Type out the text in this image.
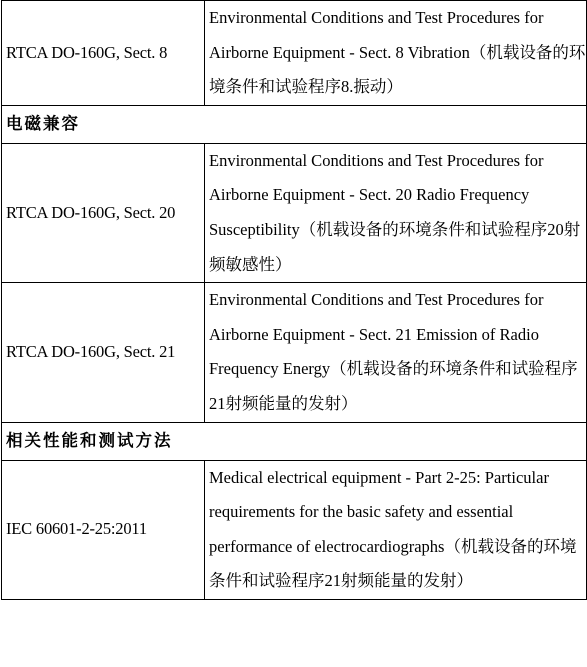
RTCA DO-160G, Sect. 8	Environmental Conditions and Test Procedures for Airborne Equipment - Sect. 8 Vibration（机载设备的环境条件和试验程序8.振动）
电磁兼容	
RTCA DO-160G, Sect. 20	Environmental Conditions and Test Procedures for Airborne Equipment - Sect. 20 Radio Frequency Susceptibility（机载设备的环境条件和试验程序20射频敏感性）
RTCA DO-160G, Sect. 21	Environmental Conditions and Test Procedures for Airborne Equipment - Sect. 21 Emission of Radio Frequency Energy（机载设备的环境条件和试验程序21射频能量的发射）
相关性能和测试方法	
IEC 60601-2-25:2011	Medical electrical equipment - Part 2-25: Particular requirements for the basic safety and essential performance of electrocardiographs（机载设备的环境条件和试验程序21射频能量的发射）
